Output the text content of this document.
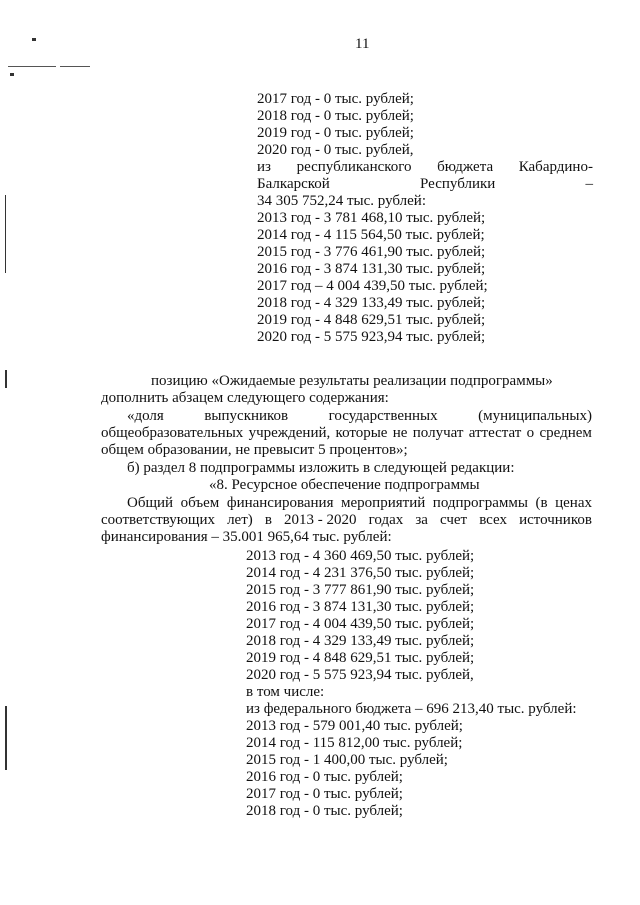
11
2017 год - 0 тыс. рублей;
2018 год - 0 тыс. рублей;
2019 год - 0 тыс. рублей;
2020 год - 0 тыс. рублей,
из республиканского бюджета Кабардино-
Балкарской	Республики	–
34 305 752,24 тыс. рублей:
2013 год - 3 781 468,10 тыс. рублей;
2014 год - 4 115 564,50 тыс. рублей;
2015 год - 3 776 461,90 тыс. рублей;
2016 год - 3 874 131,30 тыс. рублей;
2017 год – 4 004 439,50 тыс. рублей;
2018 год - 4 329 133,49 тыс. рублей;
2019 год - 4 848 629,51 тыс. рублей;
2020 год - 5 575 923,94 тыс. рублей;
позицию «Ожидаемые результаты реализации подпрограммы»
дополнить абзацем следующего содержания:
«доля	выпускников	государственных	(муниципальных)
общеобразовательных учреждений, которые не получат аттестат о среднем
общем образовании, не превысит 5 процентов»;
б) раздел 8 подпрограммы изложить в следующей редакции:
«8. Ресурсное обеспечение подпрограммы
Общий объем финансирования мероприятий подпрограммы (в ценах
соответствующих лет) в 2013 - 2020 годах за счет всех источников
финансирования – 35.001 965,64 тыс. рублей:
2013 год - 4 360 469,50 тыс. рублей;
2014 год - 4 231 376,50 тыс. рублей;
2015 год - 3 777 861,90 тыс. рублей;
2016 год - 3 874 131,30 тыс. рублей;
2017 год - 4 004 439,50 тыс. рублей;
2018 год - 4 329 133,49 тыс. рублей;
2019 год - 4 848 629,51 тыс. рублей;
2020 год - 5 575 923,94 тыс. рублей,
в том числе:
из федерального бюджета – 696 213,40 тыс. рублей:
2013 год - 579 001,40 тыс. рублей;
2014 год - 115 812,00 тыс. рублей;
2015 год - 1 400,00 тыс. рублей;
2016 год - 0 тыс. рублей;
2017 год - 0 тыс. рублей;
2018 год - 0 тыс. рублей;
